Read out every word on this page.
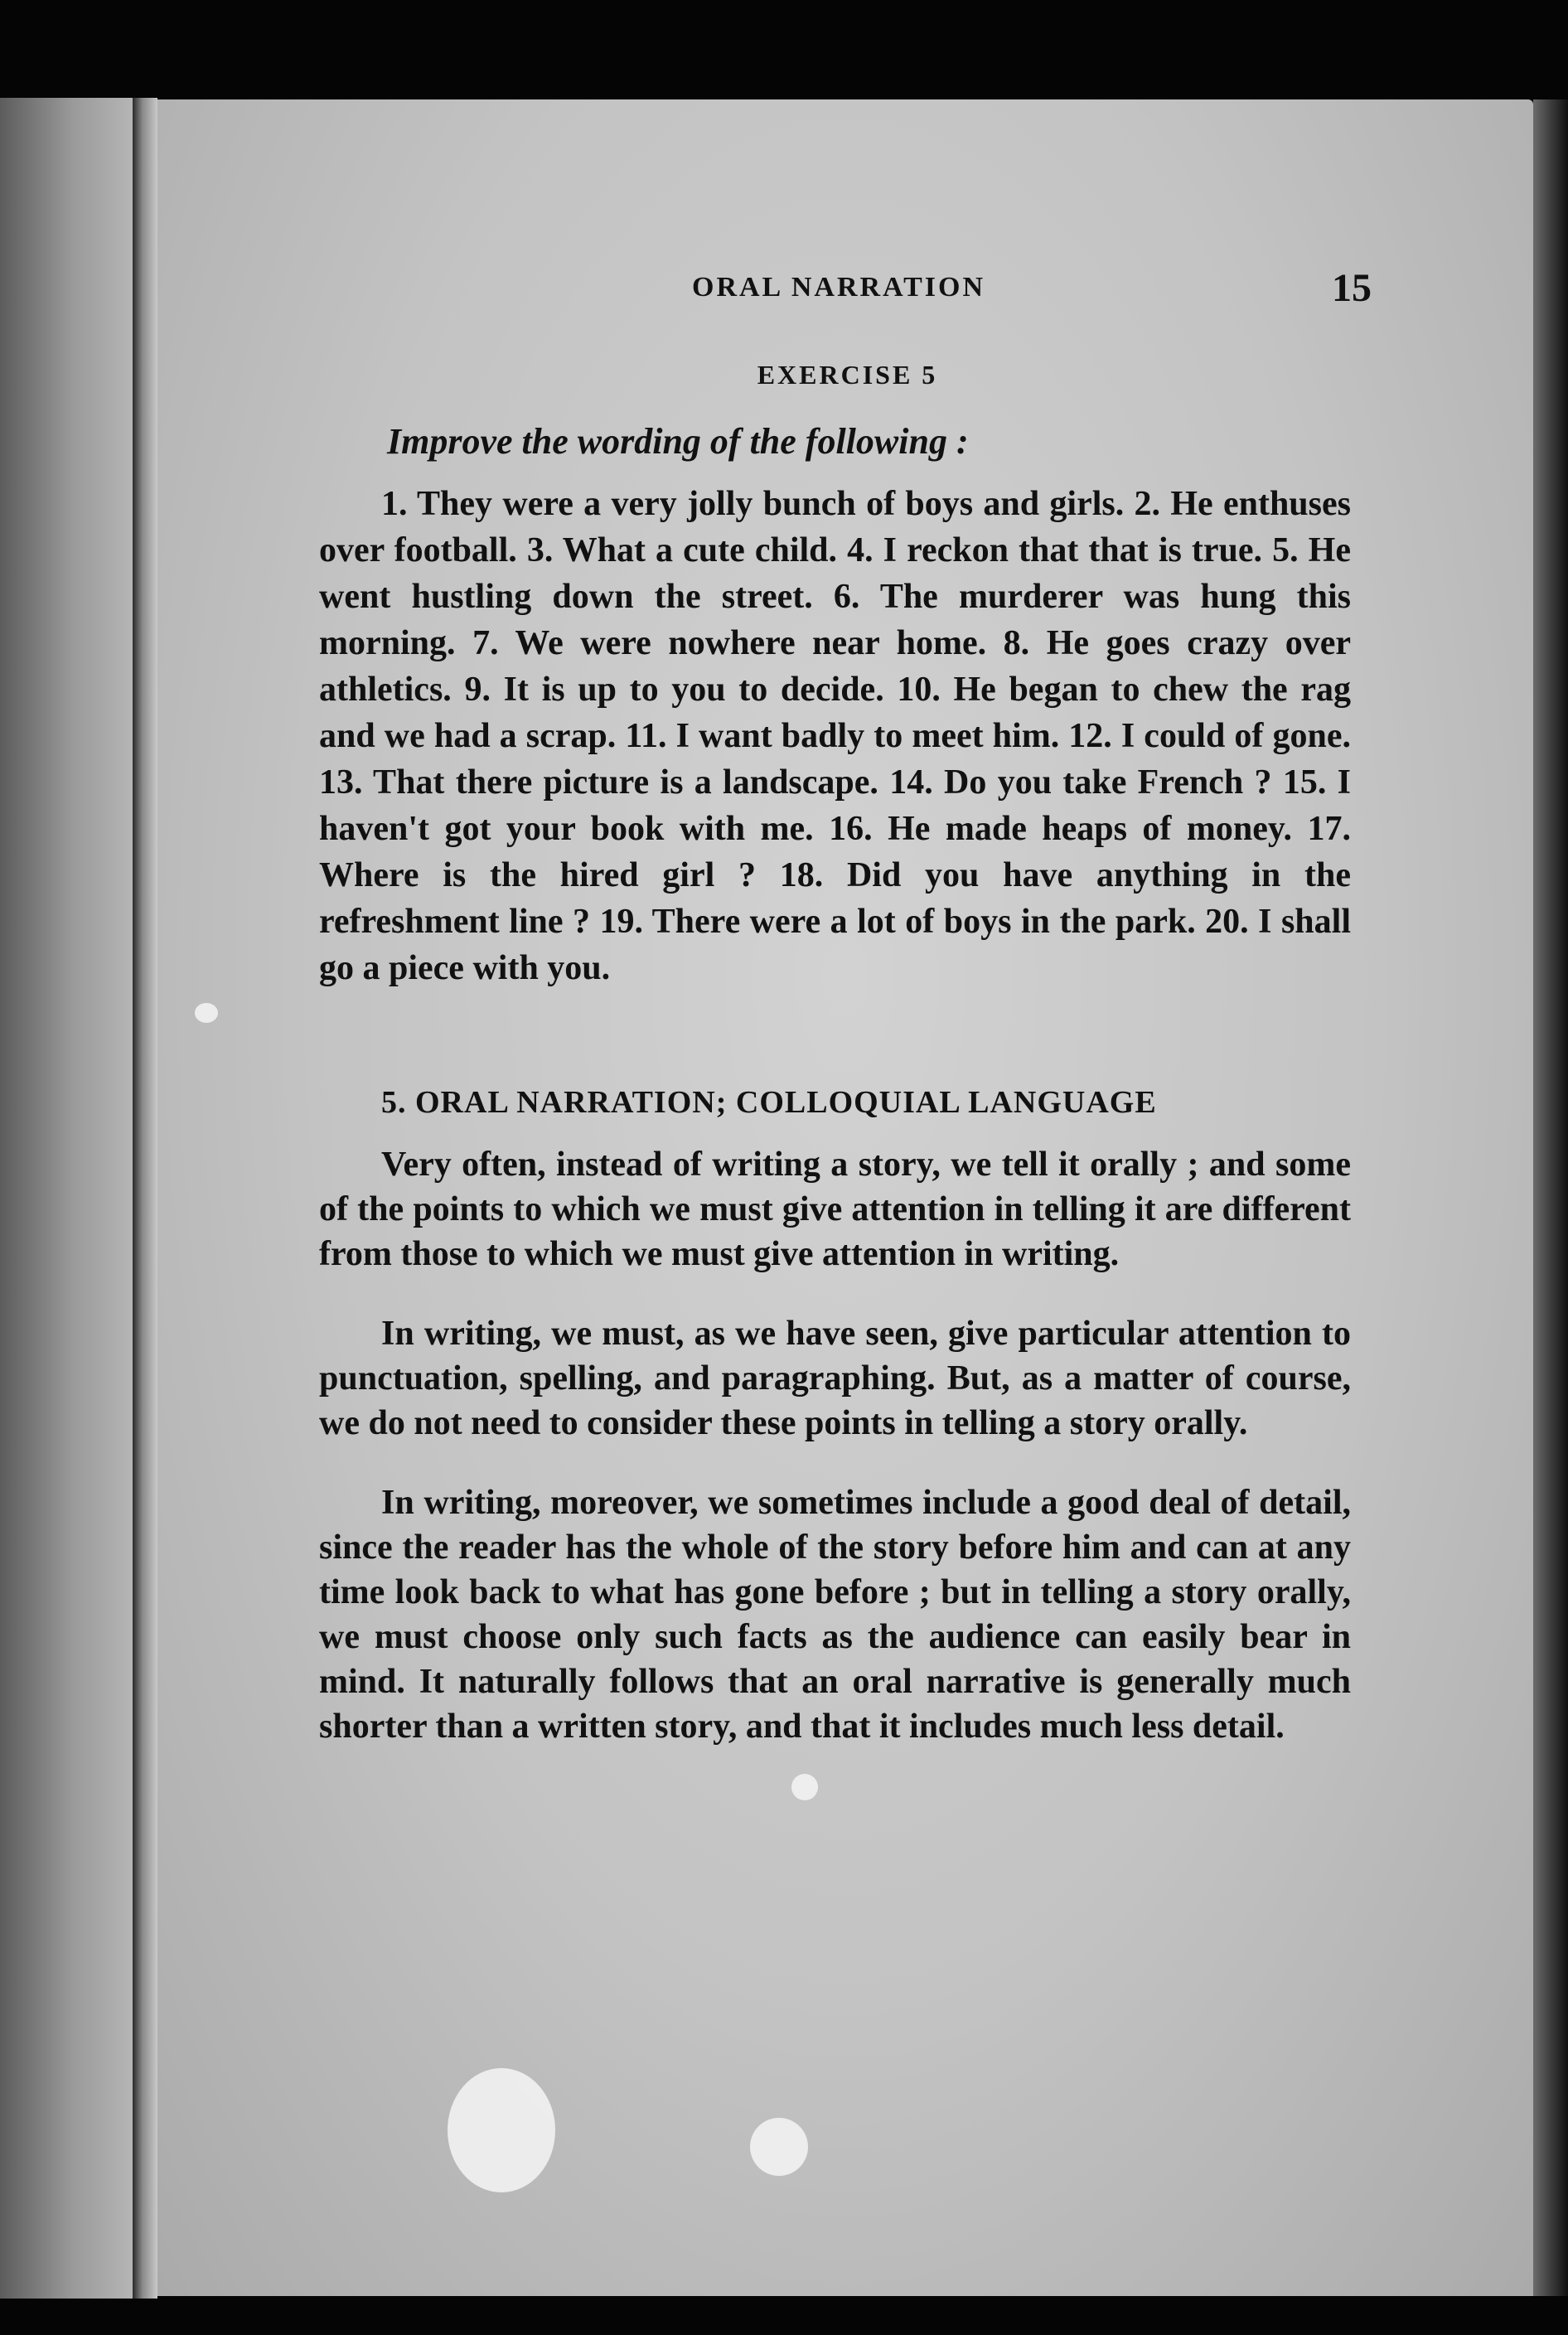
ORAL NARRATION	15
EXERCISE 5
Improve the wording of the following :
1. They were a very jolly bunch of boys and girls. 2. He enthuses over football. 3. What a cute child. 4. I reckon that that is true. 5. He went hustling down the street. 6. The murderer was hung this morning. 7. We were nowhere near home. 8. He goes crazy over athletics. 9. It is up to you to decide. 10. He began to chew the rag and we had a scrap. 11. I want badly to meet him. 12. I could of gone. 13. That there picture is a landscape. 14. Do you take French ? 15. I haven't got your book with me. 16. He made heaps of money. 17. Where is the hired girl ? 18. Did you have anything in the refreshment line ? 19. There were a lot of boys in the park. 20. I shall go a piece with you.
5. ORAL NARRATION; COLLOQUIAL LANGUAGE

Very often, instead of writing a story, we tell it orally ; and some of the points to which we must give attention in telling it are different from those to which we must give attention in writing.

In writing, we must, as we have seen, give particular attention to punctuation, spelling, and paragraphing. But, as a matter of course, we do not need to consider these points in telling a story orally.

In writing, moreover, we sometimes include a good deal of detail, since the reader has the whole of the story before him and can at any time look back to what has gone before ; but in telling a story orally, we must choose only such facts as the audience can easily bear in mind. It naturally follows that an oral narrative is generally much shorter than a written story, and that it includes much less detail.
